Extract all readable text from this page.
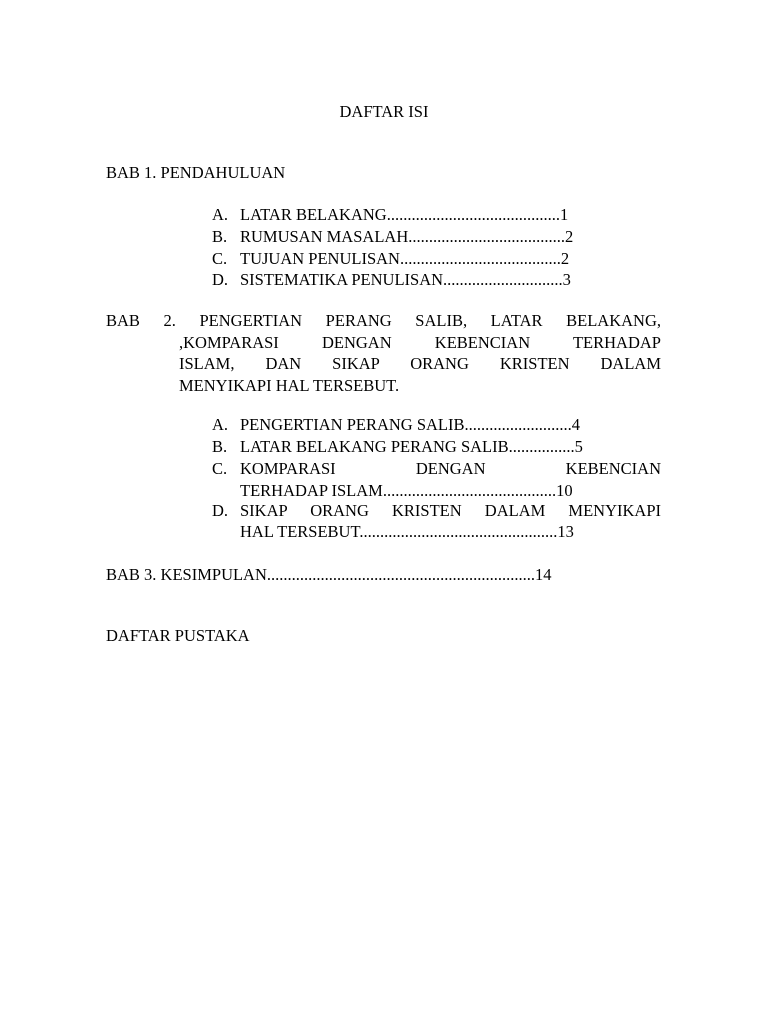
DAFTAR ISI
BAB 1. PENDAHULUAN
A. LATAR BELAKANG..........................................1
B. RUMUSAN MASALAH......................................2
C. TUJUAN PENULISAN.......................................2
D. SISTEMATIKA PENULISAN.............................3
BAB 2. PENGERTIAN PERANG SALIB, LATAR BELAKANG,
,KOMPARASI DENGAN KEBENCIAN TERHADAP
ISLAM, DAN SIKAP ORANG KRISTEN DALAM
MENYIKAPI HAL TERSEBUT.
A. PENGERTIAN PERANG SALIB..........................4
B. LATAR BELAKANG PERANG SALIB................5
C. KOMPARASI DENGAN KEBENCIAN
TERHADAP ISLAM..........................................10
D. SIKAP ORANG KRISTEN DALAM MENYIKAPI
HAL TERSEBUT................................................13
BAB 3. KESIMPULAN.................................................................14
DAFTAR PUSTAKA
